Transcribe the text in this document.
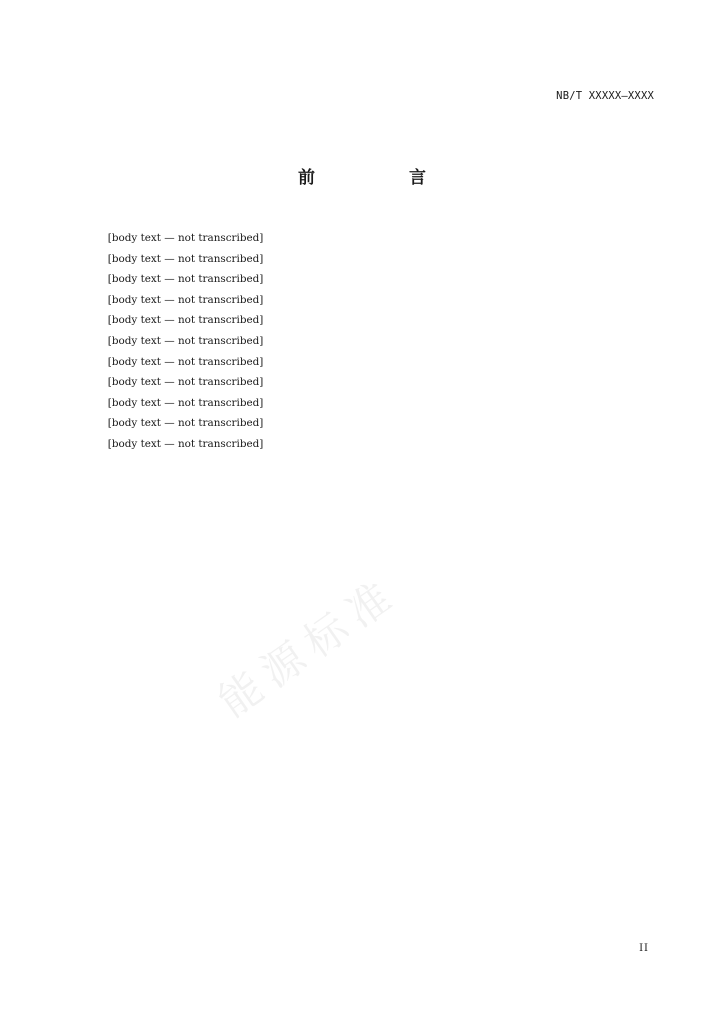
NB/T XXXXX—XXXX
前 言

[body text — not transcribed]

[body text — not transcribed]

[body text — not transcribed]

[body text — not transcribed]

[body text — not transcribed]

[body text — not transcribed]

[body text — not transcribed]

[body text — not transcribed]

[body text — not transcribed]

[body text — not transcribed]

[body text — not transcribed]

能源标准
II
